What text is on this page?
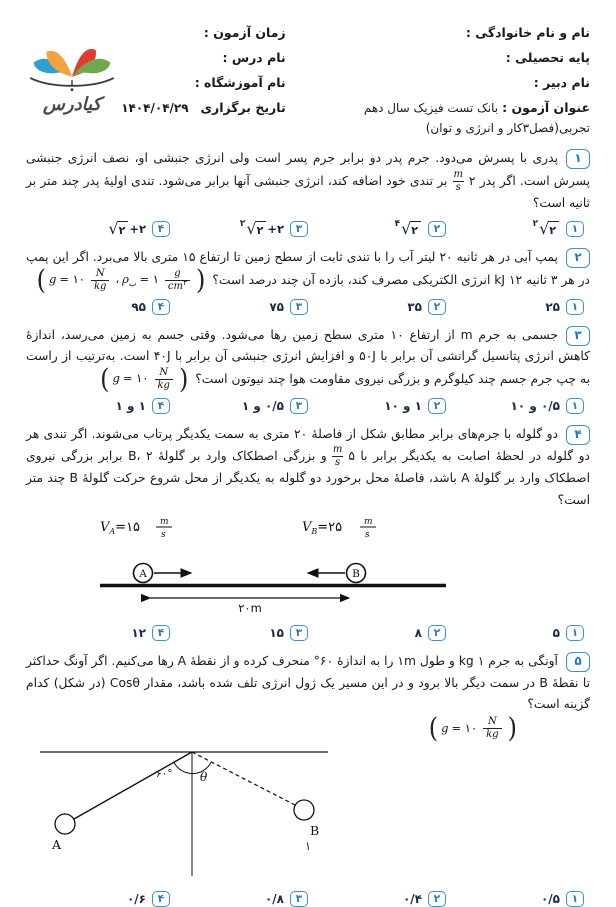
نام و نام خانوادگی :
پایه تحصیلی :
نام دبیر :
عنوان آزمون : بانک تست فیزیک سال دهم
تجربی(فصل۳کار و انرژی و توان)
زمان آزمون :
نام درس :
نام آموزشگاه :
تاریخ برگزاری ۱۴۰۴/۰۴/۲۹
کیادرس
۱
پدری با پسرش می‌دود. جرم پدر دو برابر جرم پسر است ولی انرژی جنبشی او، نصف انرژی جنبشی پسرش است. اگر پدر ۲
$\frac{m}{s}$
بر تندی خود اضافه کند، انرژی جنبشی آنها برابر می‌شود. تندی اولیهٔ پدر چند متر بر ثانیه است؟
۱
۲ √ ۲
۲
۴ √ ۲
۳
۲ √ ۲ +۲
۴
√ ۲ +۲
۲
پمپ آبی در هر ثانیه ۲۰ لیتر آب را با تندی ثابت از سطح زمین تا ارتفاع ۱۵ متری بالا می‌برد. اگر این پمپ در هر ۳ ثانیه ۱۲ kJ انرژی الکتریکی مصرف کند، بازده آن چند درصد است؟
( g = ۱۰ $\frac{N}{kg}$ ، ρ ب = ۱ $\frac{g}{cm ۳}$ )
۱
۲۵
۲
۳۵
۳
۷۵
۴
۹۵
۳
جسمی به جرم m از ارتفاع ۱۰ متری سطح زمین رها می‌شود. وقتی جسم به زمین می‌رسد، اندازهٔ کاهش انرژی پتانسیل گرانشی آن برابر با ۵۰J و افزایش انرژی جنبشی آن برابر با ۴۰J است. به‌ترتیب از راست به چپ جرم جسم چند کیلوگرم و بزرگی نیروی مقاومت هوا چند نیوتون است؟
( g = ۱۰ $\frac{N}{kg}$ )
۱
۰/۵ و ۱۰
۲
۱ و ۱۰
۳
۰/۵ و ۱
۴
۱ و ۱
۴
دو گلوله با جرم‌های برابر مطابق شکل از فاصلهٔ ۲۰ متری به سمت یکدیگر پرتاب می‌شوند. اگر تندی هر دو گلوله در لحظهٔ اصابت به یکدیگر برابر با ۵
$\frac{m}{s}$
و بزرگی اصطکاک وارد بر گلولهٔ B، ۲ برابر بزرگی نیروی اصطکاک وارد بر گلولهٔ A باشد، فاصلهٔ محل برخورد دو گلوله به یکدیگر از محل شروع حرکت گلولهٔ B چند متر است؟
$V_A=۱۵$ m
s	$V_B=۲۵$ m
s
A	B
۲۰m
۱
۵
۲
۸
۳
۱۵
۴
۱۲
۵
آونگی به جرم ۱ kg و طول ۱m را به اندازهٔ ۶۰° منحرف کرده و از نقطهٔ A رها می‌کنیم. اگر آونگ حداکثر تا نقطهٔ B در سمت دیگر بالا برود و در این مسیر یک ژول انرژی تلف شده باشد، مقدار Cosθ (در شکل) کدام گزینه است؟
( g = ۱۰ $\frac{N}{kg}$ )
A
B
۶۰° θ
۱
۰/۵
۲
۰/۴
۳
۰/۸
۴
۰/۶
۱
